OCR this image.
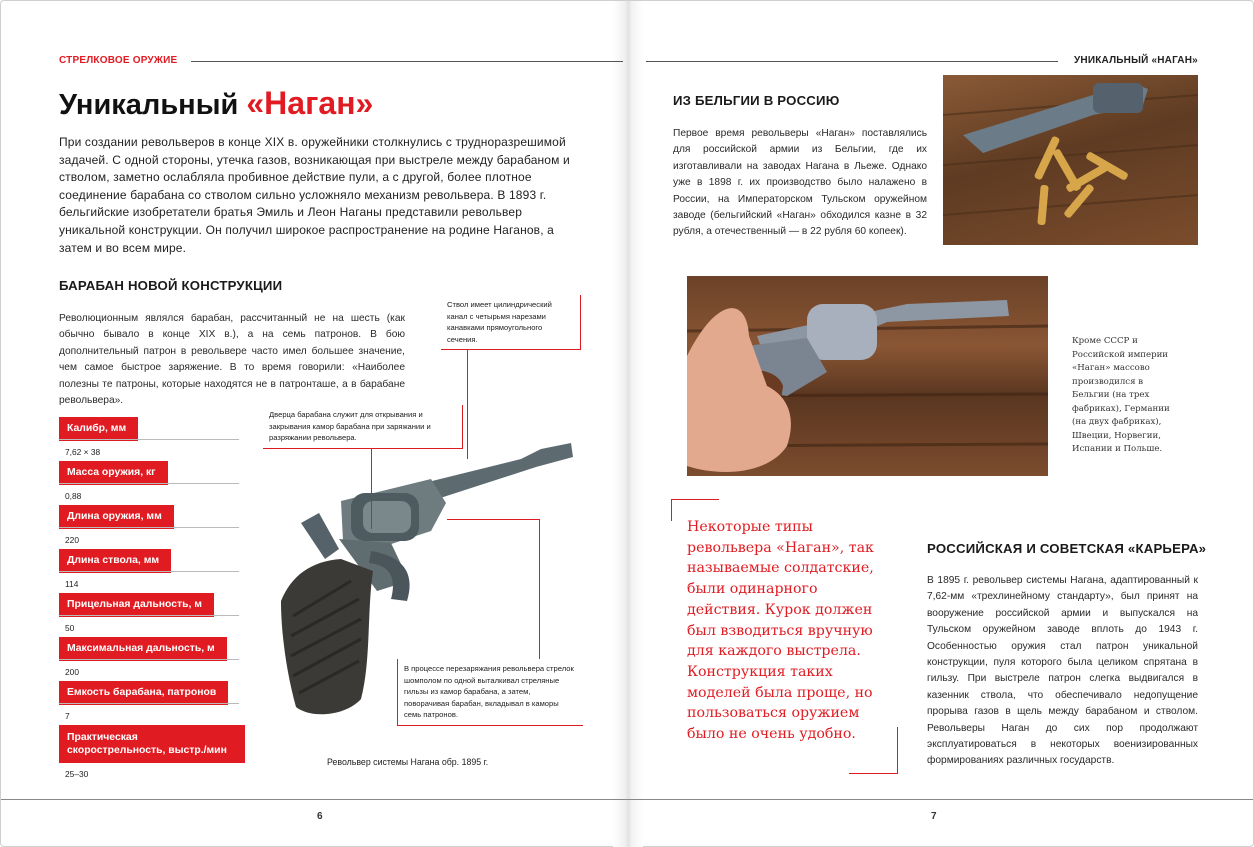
СТРЕЛКОВОЕ ОРУЖИЕ
Уникальный «Наган»

При создании револьверов в конце XIX в. оружейники столкнулись с трудноразрешимой задачей. С одной стороны, утечка газов, возникающая при выстреле между барабаном и стволом, заметно ослабляла пробивное действие пули, а с другой, более плотное соединение барабана со стволом сильно усложняло механизм револьвера. В 1893 г. бельгийские изобретатели братья Эмиль и Леон Наганы представили револьвер уникальной конструкции. Он получил широкое распространение на родине Наганов, а затем и во всем мире.

БАРАБАН НОВОЙ КОНСТРУКЦИИ

Революционным являлся барабан, рассчитанный не на шесть (как обычно бывало в конце XIX в.), а на семь патронов. В бою дополнительный патрон в револьвере часто имел большее значение, чем самое быстрое заряжение. В то время говорили: «Наиболее полезны те патроны, которые находятся не в патронташе, а в барабане револьвера».

Калибр, мм
7,62 × 38
Масса оружия, кг
0,88
Длина оружия, мм
220
Длина ствола, мм
114
Прицельная дальность, м
50
Максимальная дальность, м
200
Емкость барабана, патронов
7
Практическая скорострельность, выстр./мин
25–30
Ствол имеет цилиндрический канал с четырьмя нарезами канавками прямоугольного сечения.
Дверца барабана служит для открывания и закрывания камор барабана при заряжании и разряжании револьвера.
В процессе перезаряжания револьвера стрелок шомполом по одной выталкивал стреляные гильзы из камор барабана, а затем, поворачивая барабан, вкладывал в каморы семь патронов.
Револьвер системы Нагана обр. 1895 г.
6
УНИКАЛЬНЫЙ «НАГАН»
ИЗ БЕЛЬГИИ В РОССИЮ

Первое время револьверы «Наган» поставлялись для российской армии из Бельгии, где их изготавливали на заводах Нагана в Льеже. Однако уже в 1898 г. их производство было налажено в России, на Императорском Тульском оружейном заводе (бельгийский «Наган» обходился казне в 32 рубля, а отечественный — в 22 рубля 60 копеек).

Кроме СССР и Российской империи «Наган» массово производился в Бельгии (на трех фабриках), Германии (на двух фабриках), Швеции, Норвегии, Испании и Польше.

Некоторые типы револьвера «Наган», так называемые солдатские, были одинарного действия. Курок должен был взводиться вручную для каждого выстрела. Конструкция таких моделей была проще, но пользоваться оружием было не очень удобно.

РОССИЙСКАЯ И СОВЕТСКАЯ «КАРЬЕРА»

В 1895 г. револьвер системы Нагана, адаптированный к 7,62-мм «трехлинейному стандарту», был принят на вооружение российской армии и выпускался на Тульском оружейном заводе вплоть до 1943 г. Особенностью оружия стал патрон уникальной конструкции, пуля которого была целиком спрятана в гильзу. При выстреле патрон слегка выдвигался в казенник ствола, что обеспечивало недопущение прорыва газов в щель между барабаном и стволом. Револьверы Наган до сих пор продолжают эксплуатироваться в некоторых военизированных формированиях различных государств.

7
